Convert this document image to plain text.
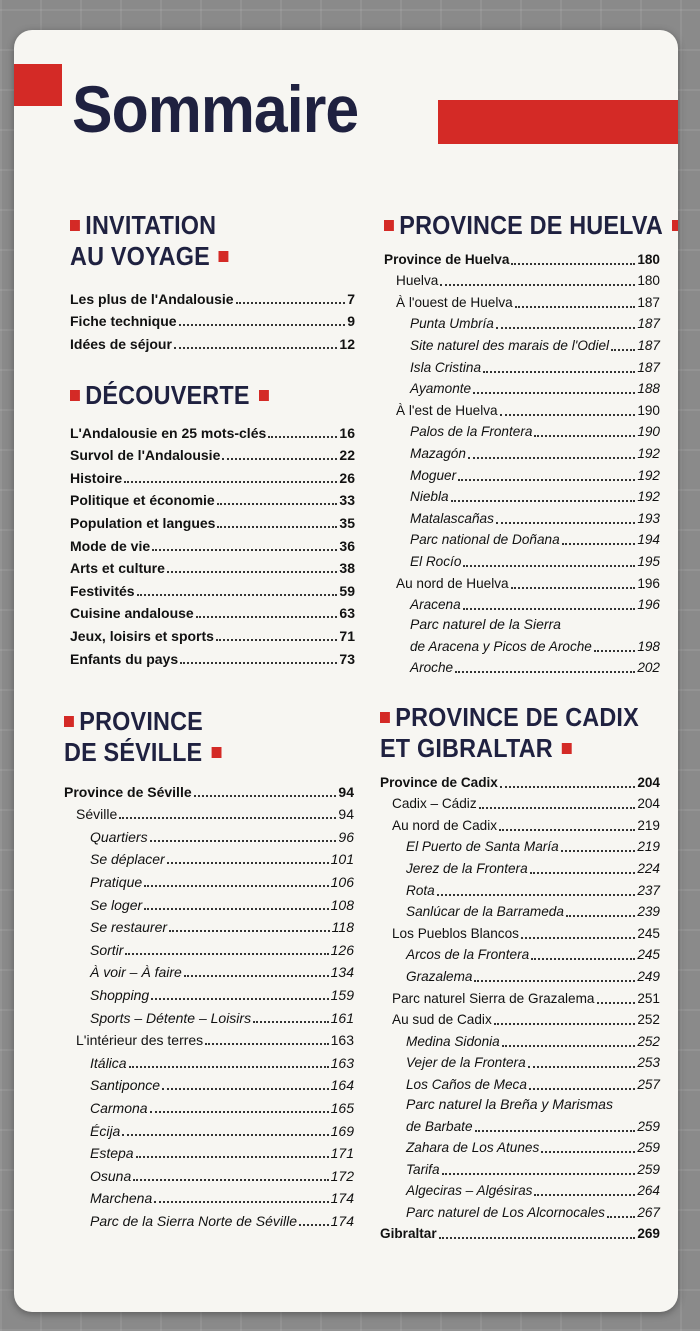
Sommaire
INVITATION
AU VOYAGE
Les plus de l'Andalousie	7
Fiche technique	9
Idées de séjour	12
DÉCOUVERTE
L'Andalousie en 25 mots-clés	16
Survol de l'Andalousie	22
Histoire	26
Politique et économie	33
Population et langues	35
Mode de vie	36
Arts et culture	38
Festivités	59
Cuisine andalouse	63
Jeux, loisirs et sports	71
Enfants du pays	73
PROVINCE
DE SÉVILLE
Province de Séville	94
Séville	94
Quartiers	96
Se déplacer	101
Pratique	106
Se loger	108
Se restaurer	118
Sortir	126
À voir – À faire	134
Shopping	159
Sports – Détente – Loisirs	161
L'intérieur des terres	163
Itálica	163
Santiponce	164
Carmona	165
Écija	169
Estepa	171
Osuna	172
Marchena	174
Parc de la Sierra Norte de Séville 174
PROVINCE DE HUELVA
Province de Huelva	180
Huelva	180
À l'ouest de Huelva	187
Punta Umbría	187
Site naturel des marais de l'Odiel 187
Isla Cristina	187
Ayamonte	188
À l'est de Huelva	190
Palos de la Frontera	190
Mazagón	192
Moguer	192
Niebla	192
Matalascañas	193
Parc national de Doñana	194
El Rocío	195
Au nord de Huelva	196
Aracena	196
Parc naturel de la Sierra
de Aracena y Picos de Aroche	198
Aroche	202
PROVINCE DE CADIX
ET GIBRALTAR
Province de Cadix	204
Cadix – Cádiz	204
Au nord de Cadix	219
El Puerto de Santa María	219
Jerez de la Frontera	224
Rota	237
Sanlúcar de la Barrameda	239
Los Pueblos Blancos	245
Arcos de la Frontera	245
Grazalema	249
Parc naturel Sierra de Grazalema	251
Au sud de Cadix	252
Medina Sidonia	252
Vejer de la Frontera	253
Los Caños de Meca	257
Parc naturel la Breña y Marismas
de Barbate	259
Zahara de Los Atunes	259
Tarifa	259
Algeciras – Algésiras	264
Parc naturel de Los Alcornocales 267
Gibraltar	269
